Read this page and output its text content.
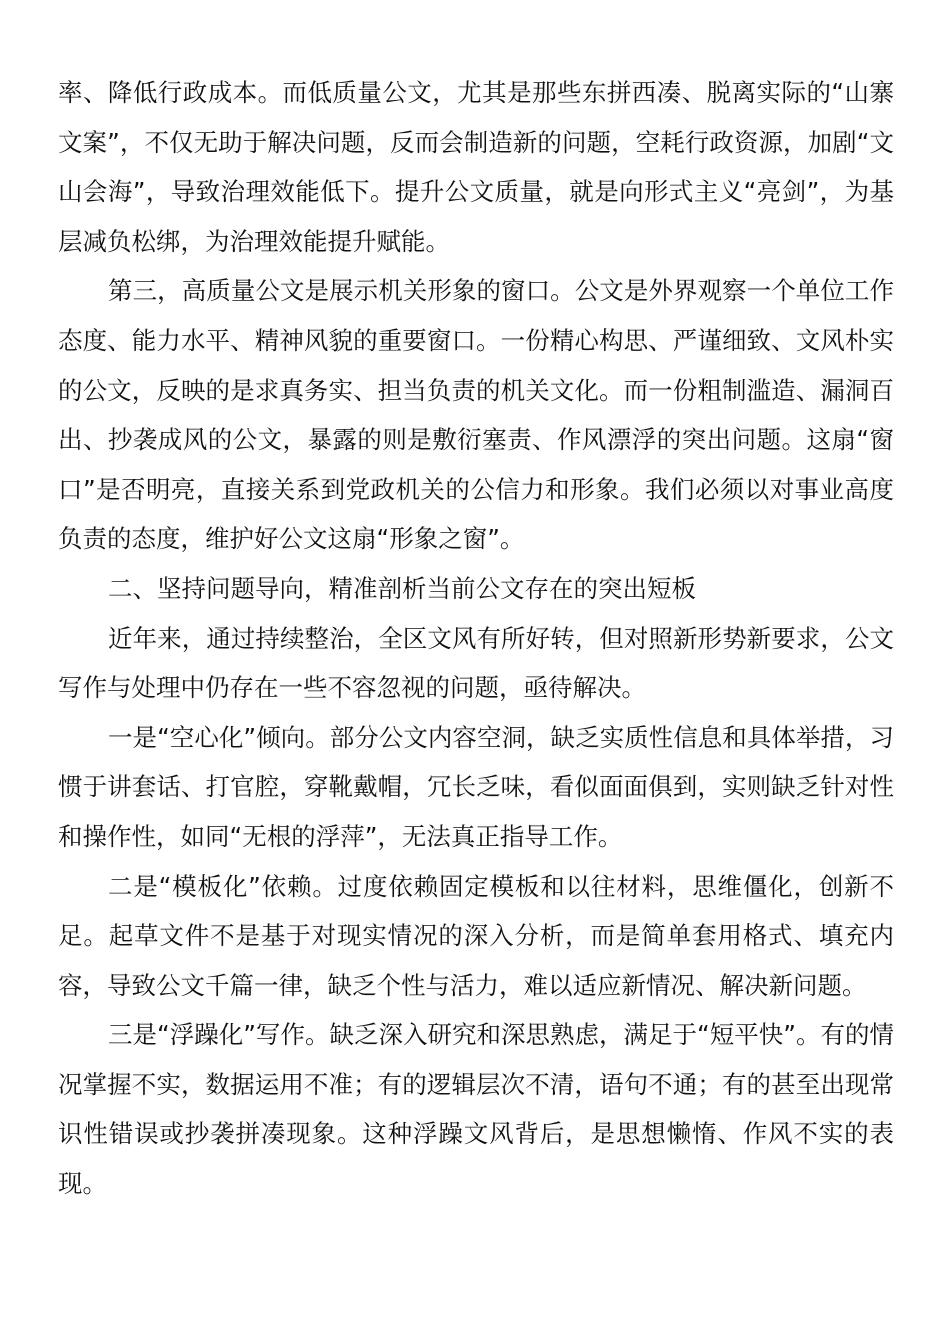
率、降低行政成本。而低质量公文，尤其是那些东拼西凑、脱离实际的“山寨文案”，不仅无助于解决问题，反而会制造新的问题，空耗行政资源，加剧“文山会海”，导致治理效能低下。提升公文质量，就是向形式主义“亮剑”，为基层减负松绑，为治理效能提升赋能。

第三，高质量公文是展示机关形象的窗口。公文是外界观察一个单位工作态度、能力水平、精神风貌的重要窗口。一份精心构思、严谨细致、文风朴实的公文，反映的是求真务实、担当负责的机关文化。而一份粗制滥造、漏洞百出、抄袭成风的公文，暴露的则是敷衍塞责、作风漂浮的突出问题。这扇“窗口”是否明亮，直接关系到党政机关的公信力和形象。我们必须以对事业高度负责的态度，维护好公文这扇“形象之窗”。

二、坚持问题导向，精准剖析当前公文存在的突出短板

近年来，通过持续整治，全区文风有所好转，但对照新形势新要求，公文写作与处理中仍存在一些不容忽视的问题，亟待解决。

一是“空心化”倾向。部分公文内容空洞，缺乏实质性信息和具体举措，习惯于讲套话、打官腔，穿靴戴帽，冗长乏味，看似面面俱到，实则缺乏针对性和操作性，如同“无根的浮萍”，无法真正指导工作。

二是“模板化”依赖。过度依赖固定模板和以往材料，思维僵化，创新不足。起草文件不是基于对现实情况的深入分析，而是简单套用格式、填充内容，导致公文千篇一律，缺乏个性与活力，难以适应新情况、解决新问题。

三是“浮躁化”写作。缺乏深入研究和深思熟虑，满足于“短平快”。有的情况掌握不实，数据运用不准；有的逻辑层次不清，语句不通；有的甚至出现常识性错误或抄袭拼凑现象。这种浮躁文风背后，是思想懒惰、作风不实的表现。
